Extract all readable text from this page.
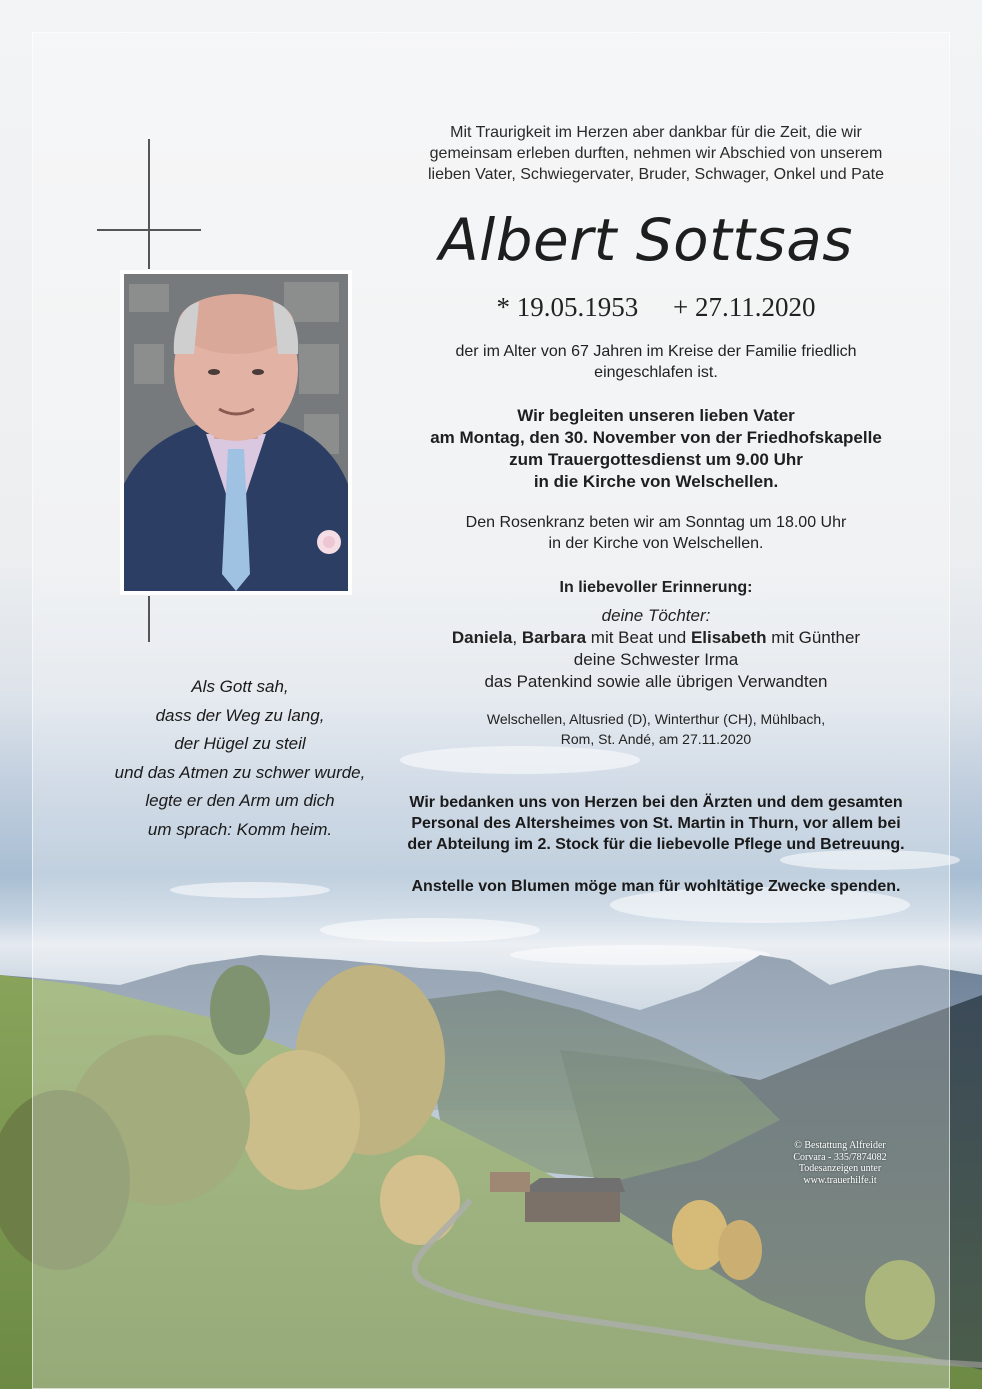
Mit Traurigkeit im Herzen aber dankbar für die Zeit, die wir
gemeinsam erleben durften, nehmen wir Abschied von unserem
lieben Vater, Schwiegervater, Bruder, Schwager, Onkel und Pate
Albert Sottsas
* 19.05.1953 + 27.11.2020
der im Alter von 67 Jahren im Kreise der Familie friedlich
eingeschlafen ist.
Wir begleiten unseren lieben Vater
am Montag, den 30. November von der Friedhofskapelle
zum Trauergottesdienst um 9.00 Uhr
in die Kirche von Welschellen.
Den Rosenkranz beten wir am Sonntag um 18.00 Uhr
in der Kirche von Welschellen.
In liebevoller Erinnerung:
deine Töchter:
Daniela, Barbara mit Beat und Elisabeth mit Günther
deine Schwester Irma
das Patenkind sowie alle übrigen Verwandten
Welschellen, Altusried (D), Winterthur (CH), Mühlbach,
Rom, St. Andé, am 27.11.2020
Als Gott sah,
dass der Weg zu lang,
der Hügel zu steil
und das Atmen zu schwer wurde,
legte er den Arm um dich
um sprach: Komm heim.
Wir bedanken uns von Herzen bei den Ärzten und dem gesamten
Personal des Altersheimes von St. Martin in Thurn, vor allem bei
der Abteilung im 2. Stock für die liebevolle Pflege und Betreuung.
Anstelle von Blumen möge man für wohltätige Zwecke spenden.
© Bestattung Alfreider
Corvara - 335/7874082
Todesanzeigen unter
www.trauerhilfe.it
